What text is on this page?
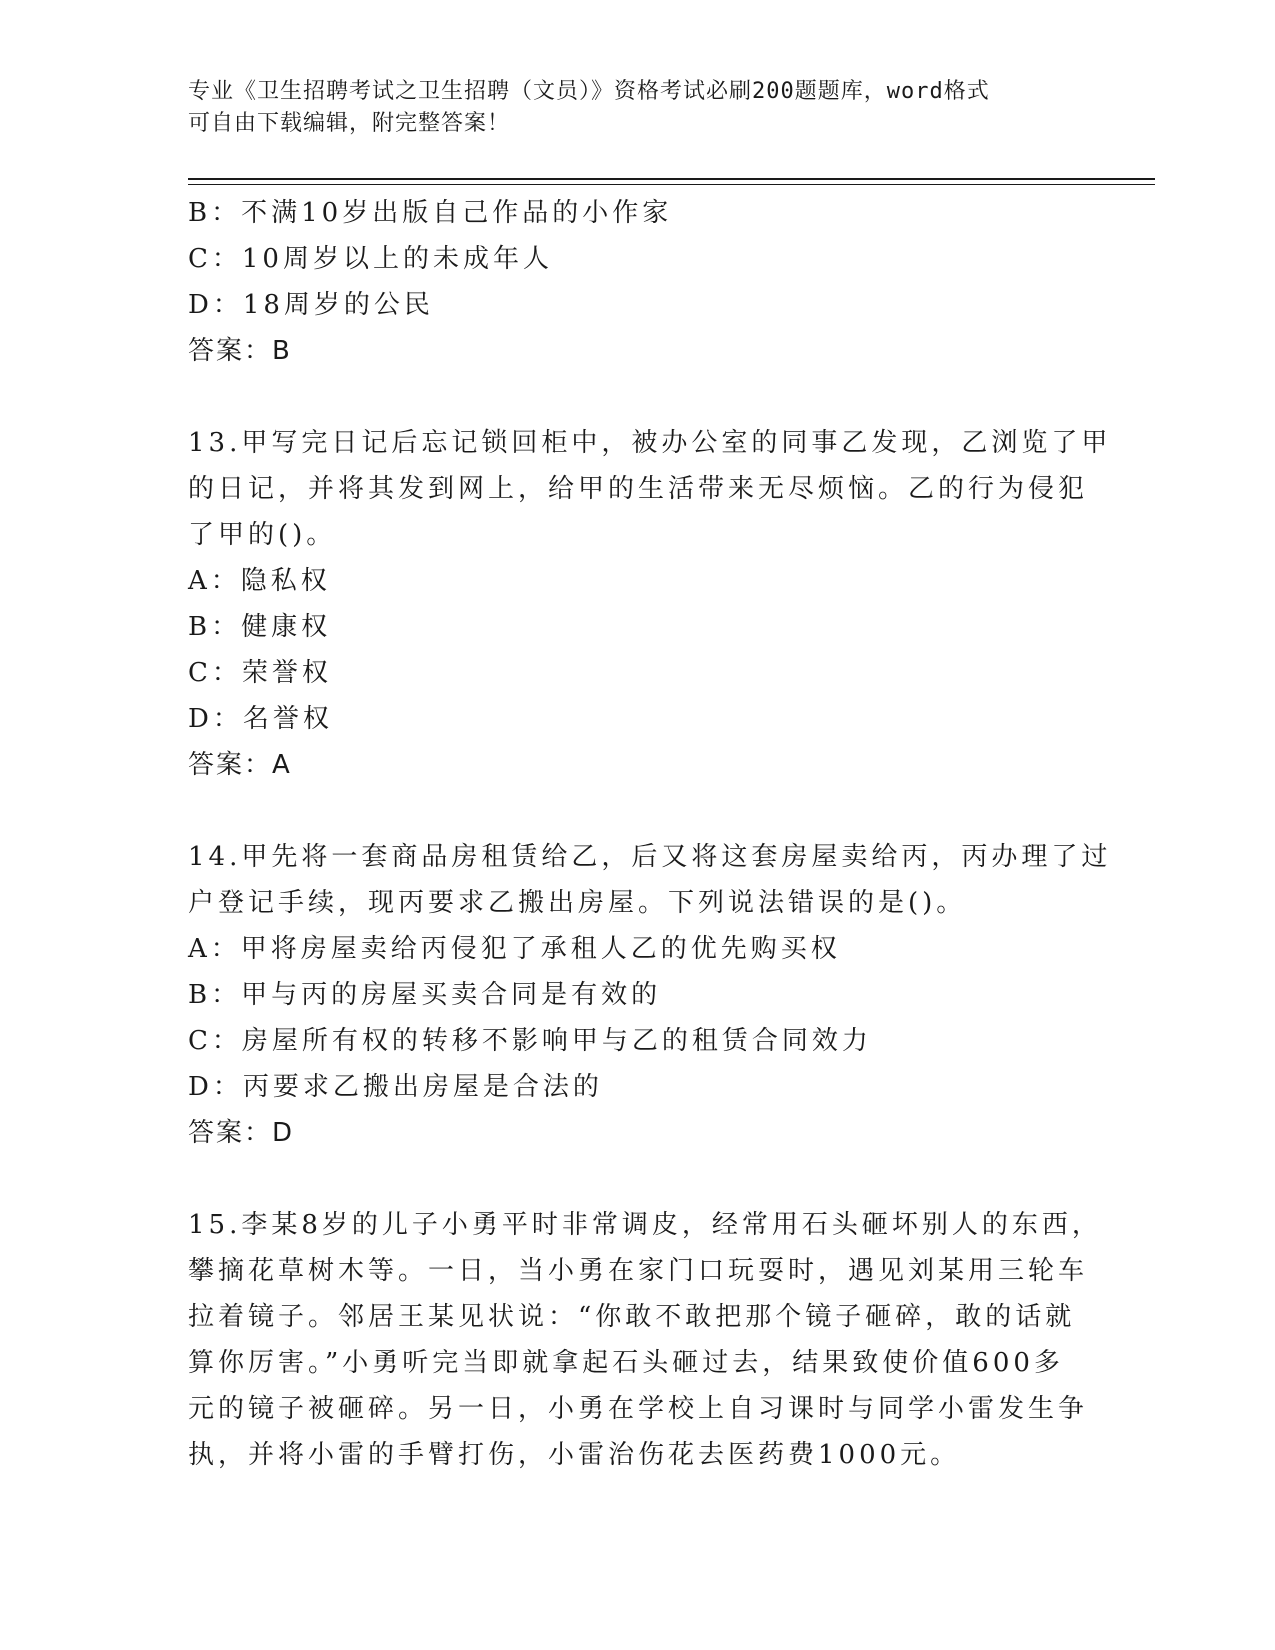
专业《卫生招聘考试之卫生招聘（文员）》资格考试必刷200题题库，word格式
可自由下载编辑，附完整答案！
B：不满10岁出版自己作品的小作家
C：10周岁以上的未成年人
D：18周岁的公民
答案：B
13.甲写完日记后忘记锁回柜中，被办公室的同事乙发现，乙浏览了甲
的日记，并将其发到网上，给甲的生活带来无尽烦恼。乙的行为侵犯
了甲的()。
A：隐私权
B：健康权
C：荣誉权
D：名誉权
答案：A
14.甲先将一套商品房租赁给乙，后又将这套房屋卖给丙，丙办理了过
户登记手续，现丙要求乙搬出房屋。下列说法错误的是()。
A：甲将房屋卖给丙侵犯了承租人乙的优先购买权
B：甲与丙的房屋买卖合同是有效的
C：房屋所有权的转移不影响甲与乙的租赁合同效力
D：丙要求乙搬出房屋是合法的
答案：D
15.李某8岁的儿子小勇平时非常调皮，经常用石头砸坏别人的东西，
攀摘花草树木等。一日，当小勇在家门口玩耍时，遇见刘某用三轮车
拉着镜子。邻居王某见状说：“你敢不敢把那个镜子砸碎，敢的话就
算你厉害。”小勇听完当即就拿起石头砸过去，结果致使价值600多
元的镜子被砸碎。另一日，小勇在学校上自习课时与同学小雷发生争
执，并将小雷的手臂打伤，小雷治伤花去医药费1000元。
